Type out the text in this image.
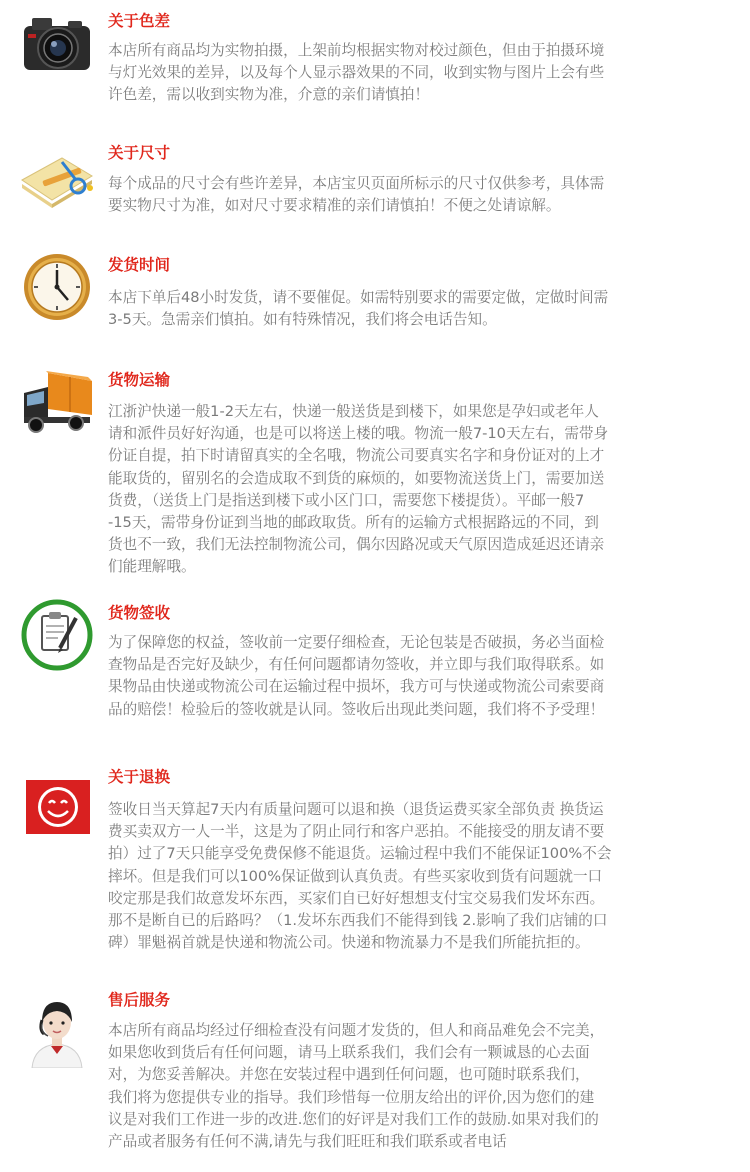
关于色差

本店所有商品均为实物拍摄，上架前均根据实物对校过颜色，但由于拍摄环境
与灯光效果的差异，以及每个人显示器效果的不同，收到实物与图片上会有些
许色差，需以收到实物为准，介意的亲们请慎拍！

关于尺寸

每个成品的尺寸会有些许差异，本店宝贝页面所标示的尺寸仅供参考，具体需
要实物尺寸为准，如对尺寸要求精准的亲们请慎拍！不便之处请谅解。

发货时间

本店下单后48小时发货，请不要催促。如需特别要求的需要定做，定做时间需
3-5天。急需亲们慎拍。如有特殊情况，我们将会电话告知。

货物运输

江浙沪快递一般1-2天左右，快递一般送货是到楼下，如果您是孕妇或老年人
请和派件员好好沟通，也是可以将送上楼的哦。物流一般7-10天左右，需带身
份证自提，拍下时请留真实的全名哦，物流公司要真实名字和身份证对的上才
能取货的，留别名的会造成取不到货的麻烦的，如要物流送货上门，需要加送
货费，（送货上门是指送到楼下或小区门口，需要您下楼提货）。平邮一般7
-15天，需带身份证到当地的邮政取货。所有的运输方式根据路远的不同，到
货也不一致，我们无法控制物流公司，偶尔因路况或天气原因造成延迟还请亲
们能理解哦。

货物签收

为了保障您的权益，签收前一定要仔细检查，无论包装是否破损，务必当面检
查物品是否完好及缺少，有任何问题都请勿签收，并立即与我们取得联系。如
果物品由快递或物流公司在运输过程中损坏，我方可与快递或物流公司索要商
品的赔偿！检验后的签收就是认同。签收后出现此类问题，我们将不予受理！

关于退换

签收日当天算起7天内有质量问题可以退和换（退货运费买家全部负责 换货运
费买卖双方一人一半，这是为了阴止同行和客户恶拍。不能接受的朋友请不要
拍）过了7天只能享受免费保修不能退货。运输过程中我们不能保证100%不会
摔坏。但是我们可以100%保证做到认真负责。有些买家收到货有问题就一口
咬定那是我们故意发坏东西，买家们自已好好想想支付宝交易我们发坏东西。
那不是断自已的后路吗？（1.发坏东西我们不能得到钱 2.影响了我们店铺的口
碑）罪魁祸首就是快递和物流公司。快递和物流暴力不是我们所能抗拒的。

售后服务

本店所有商品均经过仔细检查没有问题才发货的，但人和商品难免会不完美，
如果您收到货后有任何问题，请马上联系我们，我们会有一颗诚恳的心去面
对，为您妥善解决。并您在安装过程中遇到任何问题，也可随时联系我们，
我们将为您提供专业的指导。我们珍惜每一位朋友给出的评价,因为您们的建
议是对我们工作进一步的改进.您们的好评是对我们工作的鼓励.如果对我们的
产品或者服务有任何不满,请先与我们旺旺和我们联系或者电话
